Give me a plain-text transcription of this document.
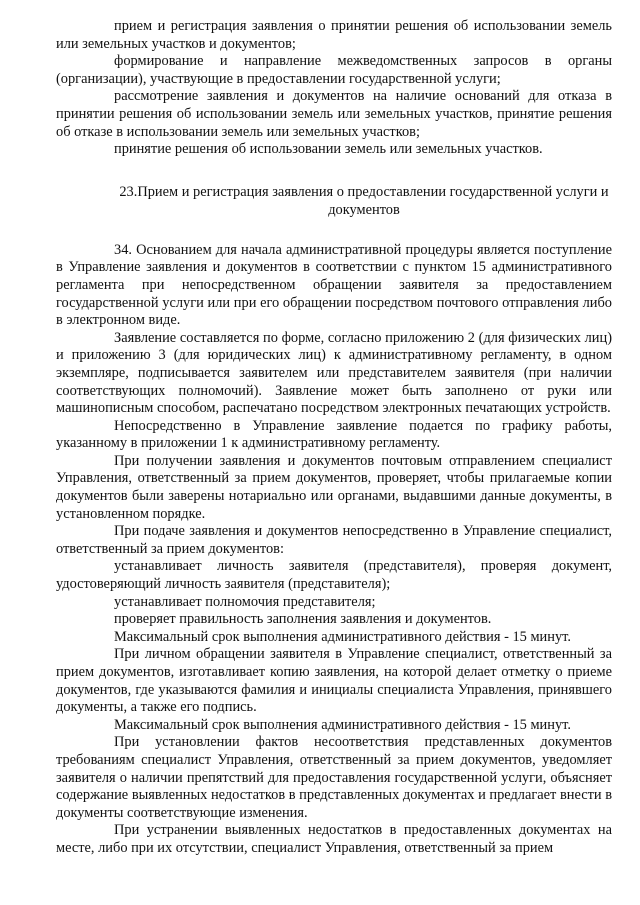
прием и регистрация заявления о принятии решения об использовании земель или земельных участков и документов;

формирование и направление межведомственных запросов в органы (организации), участвующие в предоставлении государственной услуги;

рассмотрение заявления и документов на наличие оснований для отказа в принятии решения об использовании земель или земельных участков, принятие решения об отказе в использовании земель или земельных участков;

принятие решения об использовании земель или земельных участков.

23.Прием и регистрация заявления о предоставлении государственной услуги и документов

34. Основанием для начала административной процедуры является поступление в Управление заявления и документов в соответствии с пунктом 15 административного регламента при непосредственном обращении заявителя за предоставлением государственной услуги или при его обращении посредством почтового отправления либо в электронном виде.

Заявление составляется по форме, согласно приложению 2 (для физических лиц) и приложению 3 (для юридических лиц) к административному регламенту, в одном экземпляре, подписывается заявителем или представителем заявителя (при наличии соответствующих полномочий). Заявление может быть заполнено от руки или машинописным способом, распечатано посредством электронных печатающих устройств.

Непосредственно в Управление заявление подается по графику работы, указанному в приложении 1 к административному регламенту.

При получении заявления и документов почтовым отправлением специалист Управления, ответственный за прием документов, проверяет, чтобы прилагаемые копии документов были заверены нотариально или органами, выдавшими данные документы, в установленном порядке.

При подаче заявления и документов непосредственно в Управление специалист, ответственный за прием документов:

устанавливает личность заявителя (представителя), проверяя документ, удостоверяющий личность заявителя (представителя);

устанавливает полномочия представителя;

проверяет правильность заполнения заявления и документов.

Максимальный срок выполнения административного действия - 15 минут.

При личном обращении заявителя в Управление специалист, ответственный за прием документов, изготавливает копию заявления, на которой делает отметку о приеме документов, где указываются фамилия и инициалы специалиста Управления, принявшего документы, а также его подпись.

Максимальный срок выполнения административного действия - 15 минут.

При установлении фактов несоответствия представленных документов требованиям специалист Управления, ответственный за прием документов, уведомляет заявителя о наличии препятствий для предоставления государственной услуги, объясняет содержание выявленных недостатков в представленных документах и предлагает внести в документы соответствующие изменения.

При устранении выявленных недостатков в предоставленных документах на месте, либо при их отсутствии, специалист Управления, ответственный за прием
